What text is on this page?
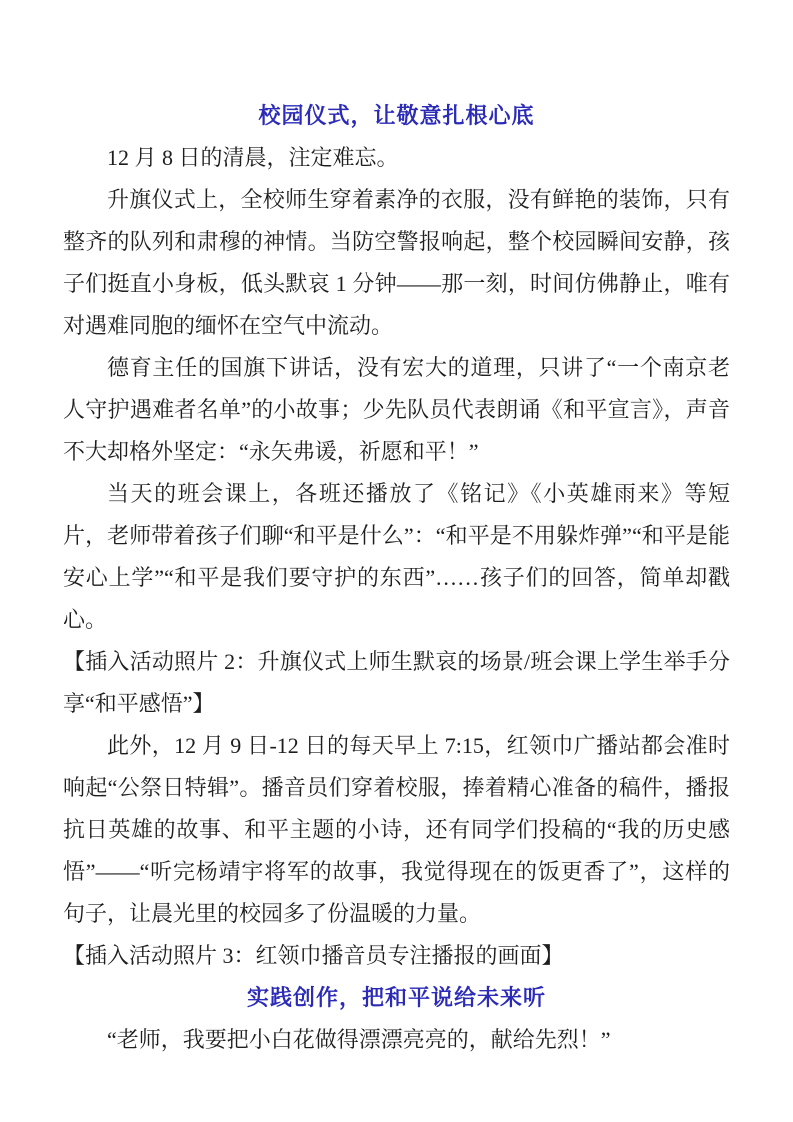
校园仪式，让敬意扎根心底

12 月 8 日的清晨，注定难忘。

升旗仪式上，全校师生穿着素净的衣服，没有鲜艳的装饰，只有整齐的队列和肃穆的神情。当防空警报响起，整个校园瞬间安静，孩子们挺直小身板，低头默哀 1 分钟——那一刻，时间仿佛静止，唯有对遇难同胞的缅怀在空气中流动。

德育主任的国旗下讲话，没有宏大的道理，只讲了“一个南京老人守护遇难者名单”的小故事；少先队员代表朗诵《和平宣言》，声音不大却格外坚定：“永矢弗谖，祈愿和平！”

当天的班会课上，各班还播放了《铭记》《小英雄雨来》等短片，老师带着孩子们聊“和平是什么”：“和平是不用躲炸弹”“和平是能安心上学”“和平是我们要守护的东西”……孩子们的回答，简单却戳心。

【插入活动照片 2：升旗仪式上师生默哀的场景/班会课上学生举手分享“和平感悟”】

此外，12 月 9 日-12 日的每天早上 7:15，红领巾广播站都会准时响起“公祭日特辑”。播音员们穿着校服，捧着精心准备的稿件，播报抗日英雄的故事、和平主题的小诗，还有同学们投稿的“我的历史感悟”——“听完杨靖宇将军的故事，我觉得现在的饭更香了”，这样的句子，让晨光里的校园多了份温暖的力量。

【插入活动照片 3：红领巾播音员专注播报的画面】

实践创作，把和平说给未来听

“老师，我要把小白花做得漂漂亮亮的，献给先烈！”
